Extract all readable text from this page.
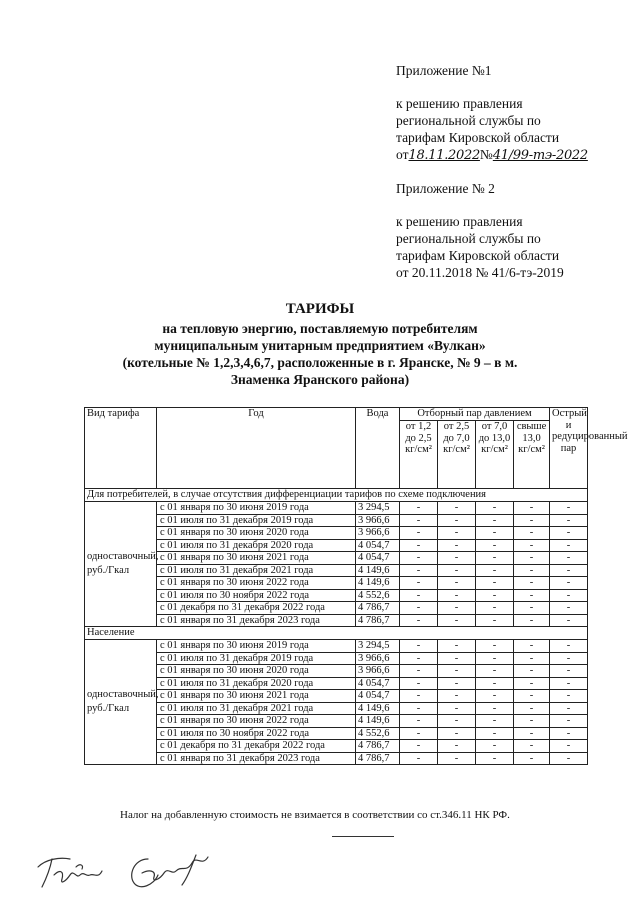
Приложение №1

к решению правления

региональной службы по

тарифам Кировской области

от18.11.2022№41/99-тэ-2022

Приложение № 2

к решению правления

региональной службы по

тарифам Кировской области

от 20.11.2018 № 41/6-тэ-2019

ТАРИФЫ

на тепловую энергию, поставляемую потребителям

муниципальным унитарным предприятием «Вулкан»

(котельные № 1,2,3,4,6,7, расположенные в г. Яранске, № 9 – в м.

Знаменка Яранского района)

Вид тарифа	Год	Вода	Отборный пар давлением				Острый и редуцированный пар
			от 1,2 до 2,5 кг/см²	от 2,5 до 7,0 кг/см²	от 7,0 до 13,0 кг/см²	свыше 13,0 кг/см²	
Для потребителей, в случае отсутствия дифференциации тарифов по схеме подключения							
одноставочный, руб./Гкал	с 01 января по 30 июня 2019 года	3 294,5	-	-	-	-	-
	с 01 июля по 31 декабря 2019 года	3 966,6	-	-	-	-	-
	с 01 января по 30 июня 2020 года	3 966,6	-	-	-	-	-
	с 01 июля по 31 декабря 2020 года	4 054,7	-	-	-	-	-
	с 01 января по 30 июня 2021 года	4 054,7	-	-	-	-	-
	с 01 июля по 31 декабря 2021 года	4 149,6	-	-	-	-	-
	с 01 января по 30 июня 2022 года	4 149,6	-	-	-	-	-
	с 01 июля по 30 ноября 2022 года	4 552,6	-	-	-	-	-
	с 01 декабря по 31 декабря 2022 года	4 786,7	-	-	-	-	-
	с 01 января по 31 декабря 2023 года	4 786,7	-	-	-	-	-
Население							
одноставочный, руб./Гкал	с 01 января по 30 июня 2019 года	3 294,5	-	-	-	-	-
	с 01 июля по 31 декабря 2019 года	3 966,6	-	-	-	-	-
	с 01 января по 30 июня 2020 года	3 966,6	-	-	-	-	-
	с 01 июля по 31 декабря 2020 года	4 054,7	-	-	-	-	-
	с 01 января по 30 июня 2021 года	4 054,7	-	-	-	-	-
	с 01 июля по 31 декабря 2021 года	4 149,6	-	-	-	-	-
	с 01 января по 30 июня 2022 года	4 149,6	-	-	-	-	-
	с 01 июля по 30 ноября 2022 года	4 552,6	-	-	-	-	-
	с 01 декабря по 31 декабря 2022 года	4 786,7	-	-	-	-	-
	с 01 января по 31 декабря 2023 года	4 786,7	-	-	-	-	-
Налог на добавленную стоимость не взимается в соответствии со ст.346.11 НК РФ.
